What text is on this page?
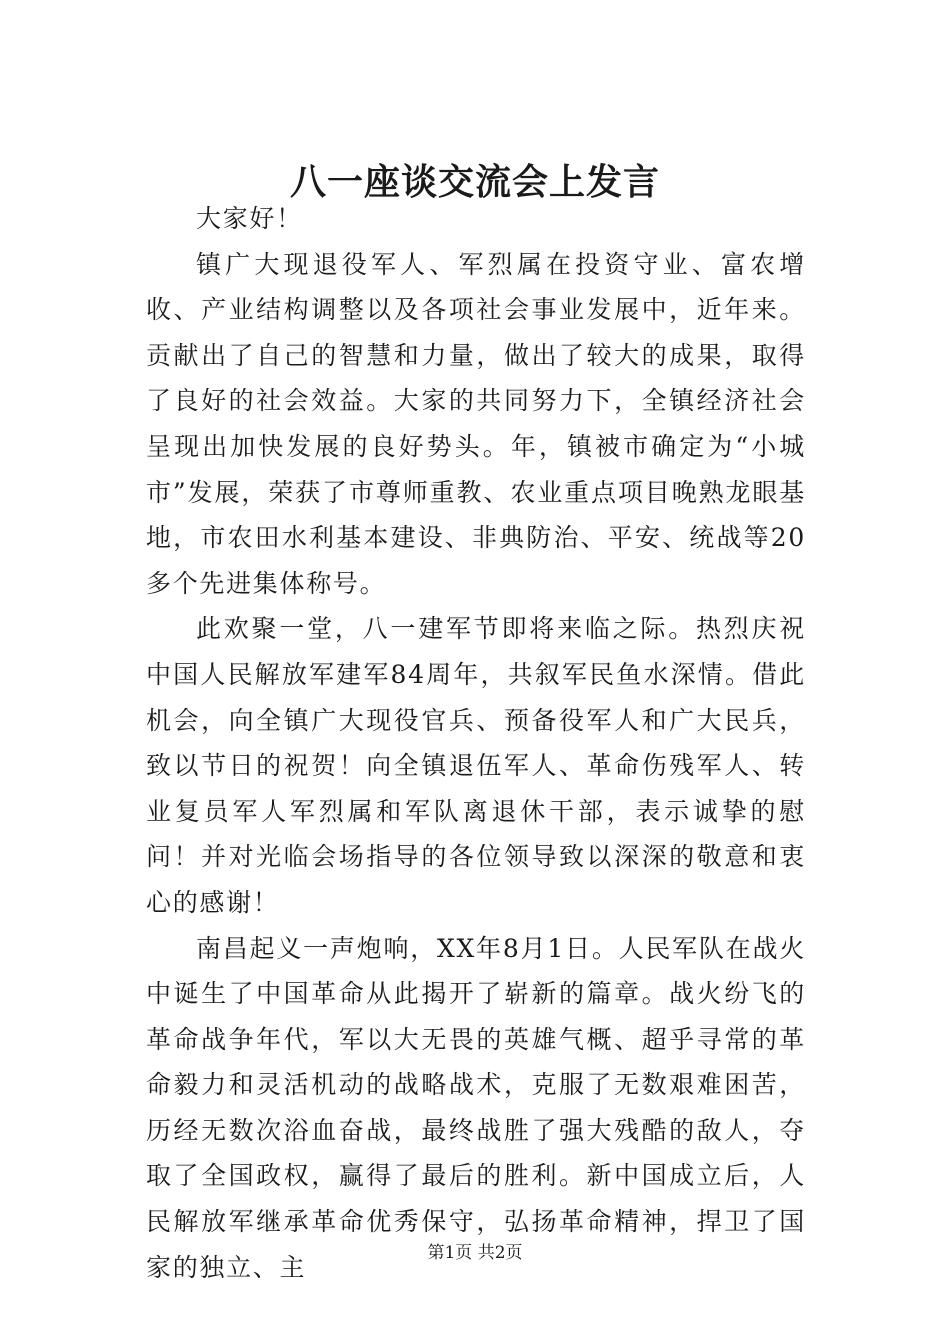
八一座谈交流会上发言

大家好！

镇广大现退役军人、军烈属在投资守业、富农增收、产业结构调整以及各项社会事业发展中，近年来。贡献出了自己的智慧和力量，做出了较大的成果，取得了良好的社会效益。大家的共同努力下，全镇经济社会呈现出加快发展的良好势头。年，镇被市确定为“小城市”发展，荣获了市尊师重教、农业重点项目晚熟龙眼基地，市农田水利基本建设、非典防治、平安、统战等20多个先进集体称号。

此欢聚一堂，八一建军节即将来临之际。热烈庆祝中国人民解放军建军84周年，共叙军民鱼水深情。借此机会，向全镇广大现役官兵、预备役军人和广大民兵，致以节日的祝贺！向全镇退伍军人、革命伤残军人、转业复员军人军烈属和军队离退休干部，表示诚挚的慰问！并对光临会场指导的各位领导致以深深的敬意和衷心的感谢！

南昌起义一声炮响，XX年8月1日。人民军队在战火中诞生了中国革命从此揭开了崭新的篇章。战火纷飞的革命战争年代，军以大无畏的英雄气概、超乎寻常的革命毅力和灵活机动的战略战术，克服了无数艰难困苦，历经无数次浴血奋战，最终战胜了强大残酷的敌人，夺取了全国政权，赢得了最后的胜利。新中国成立后，人民解放军继承革命优秀保守，弘扬革命精神，捍卫了国家的独立、主	第1页 共2页
